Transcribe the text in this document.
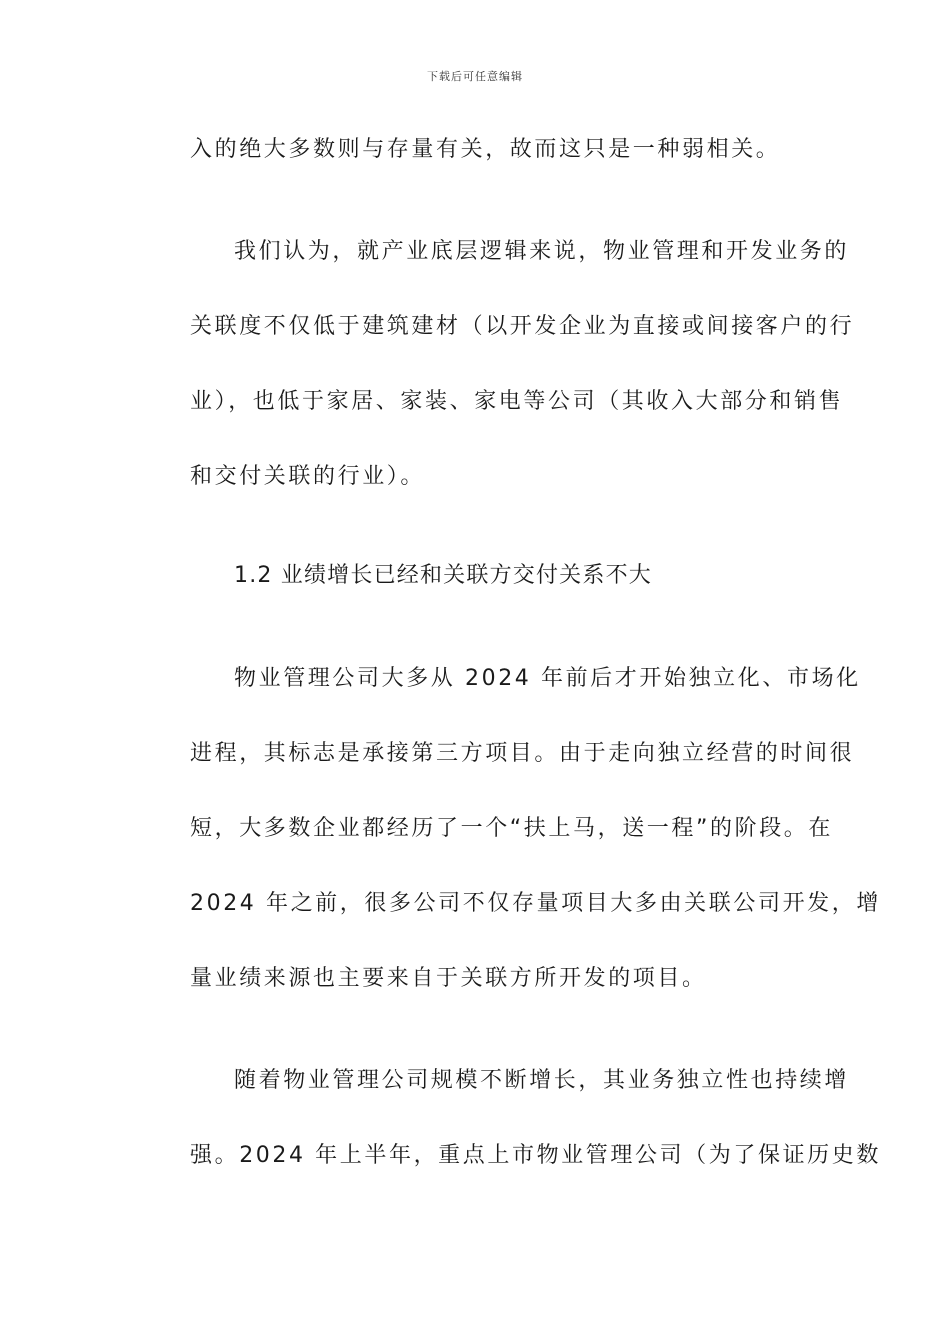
下载后可任意编辑
入的绝大多数则与存量有关，故而这只是一种弱相关。
我们认为，就产业底层逻辑来说，物业管理和开发业务的
关联度不仅低于建筑建材（以开发企业为直接或间接客户的行
业），也低于家居、家装、家电等公司（其收入大部分和销售
和交付关联的行业）。
1.2 业绩增长已经和关联方交付关系不大
物业管理公司大多从 2024 年前后才开始独立化、市场化
进程，其标志是承接第三方项目。由于走向独立经营的时间很
短，大多数企业都经历了一个“扶上马，送一程”的阶段。在
2024 年之前，很多公司不仅存量项目大多由关联公司开发，增
量业绩来源也主要来自于关联方所开发的项目。
随着物业管理公司规模不断增长，其业务独立性也持续增
强。2024 年上半年，重点上市物业管理公司（为了保证历史数
